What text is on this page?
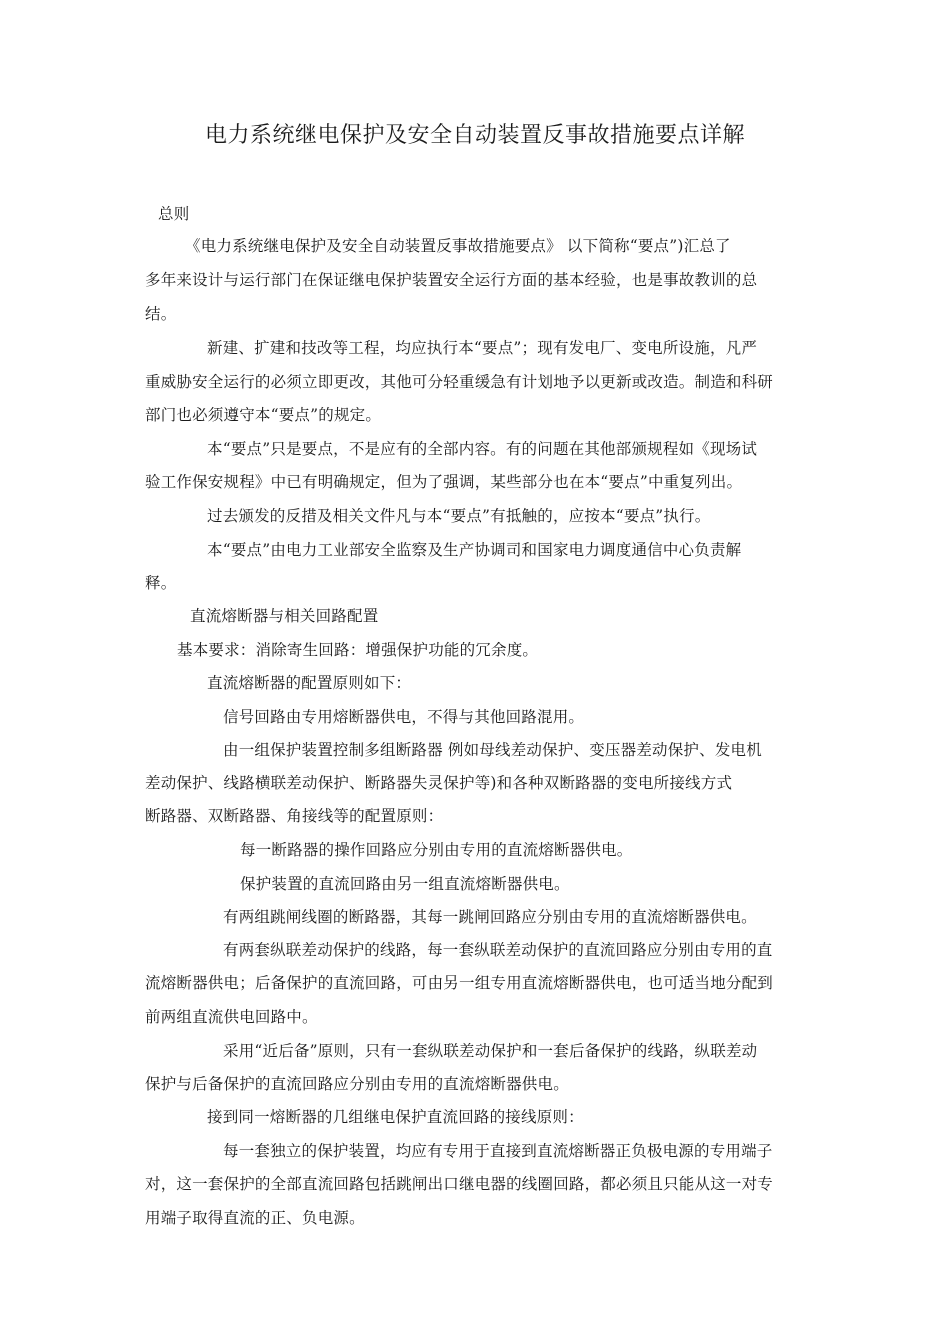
电力系统继电保护及安全自动装置反事故措施要点详解
总则
《电力系统继电保护及安全自动装置反事故措施要点》 以下简称“要点”)汇总了
多年来设计与运行部门在保证继电保护装置安全运行方面的基本经验，也是事故教训的总
结。
新建、扩建和技改等工程，均应执行本“要点”；现有发电厂、变电所设施，凡严
重威胁安全运行的必须立即更改，其他可分轻重缓急有计划地予以更新或改造。制造和科研
部门也必须遵守本“要点”的规定。
本“要点”只是要点，不是应有的全部内容。有的问题在其他部颁规程如《现场试
验工作保安规程》中已有明确规定，但为了强调，某些部分也在本“要点”中重复列出。
过去颁发的反措及相关文件凡与本“要点”有抵触的，应按本“要点”执行。
本“要点”由电力工业部安全监察及生产协调司和国家电力调度通信中心负责解
释。
直流熔断器与相关回路配置
基本要求：消除寄生回路：增强保护功能的冗余度。
直流熔断器的配置原则如下：
信号回路由专用熔断器供电，不得与其他回路混用。
由一组保护装置控制多组断路器 例如母线差动保护、变压器差动保护、发电机
差动保护、线路横联差动保护、断路器失灵保护等)和各种双断路器的变电所接线方式
断路器、双断路器、角接线等的配置原则：
每一断路器的操作回路应分别由专用的直流熔断器供电。
保护装置的直流回路由另一组直流熔断器供电。
有两组跳闸线圈的断路器，其每一跳闸回路应分别由专用的直流熔断器供电。
有两套纵联差动保护的线路，每一套纵联差动保护的直流回路应分别由专用的直
流熔断器供电；后备保护的直流回路，可由另一组专用直流熔断器供电，也可适当地分配到
前两组直流供电回路中。
采用“近后备”原则，只有一套纵联差动保护和一套后备保护的线路，纵联差动
保护与后备保护的直流回路应分别由专用的直流熔断器供电。
接到同一熔断器的几组继电保护直流回路的接线原则：
每一套独立的保护装置，均应有专用于直接到直流熔断器正负极电源的专用端子
对，这一套保护的全部直流回路包括跳闸出口继电器的线圈回路，都必须且只能从这一对专
用端子取得直流的正、负电源。
